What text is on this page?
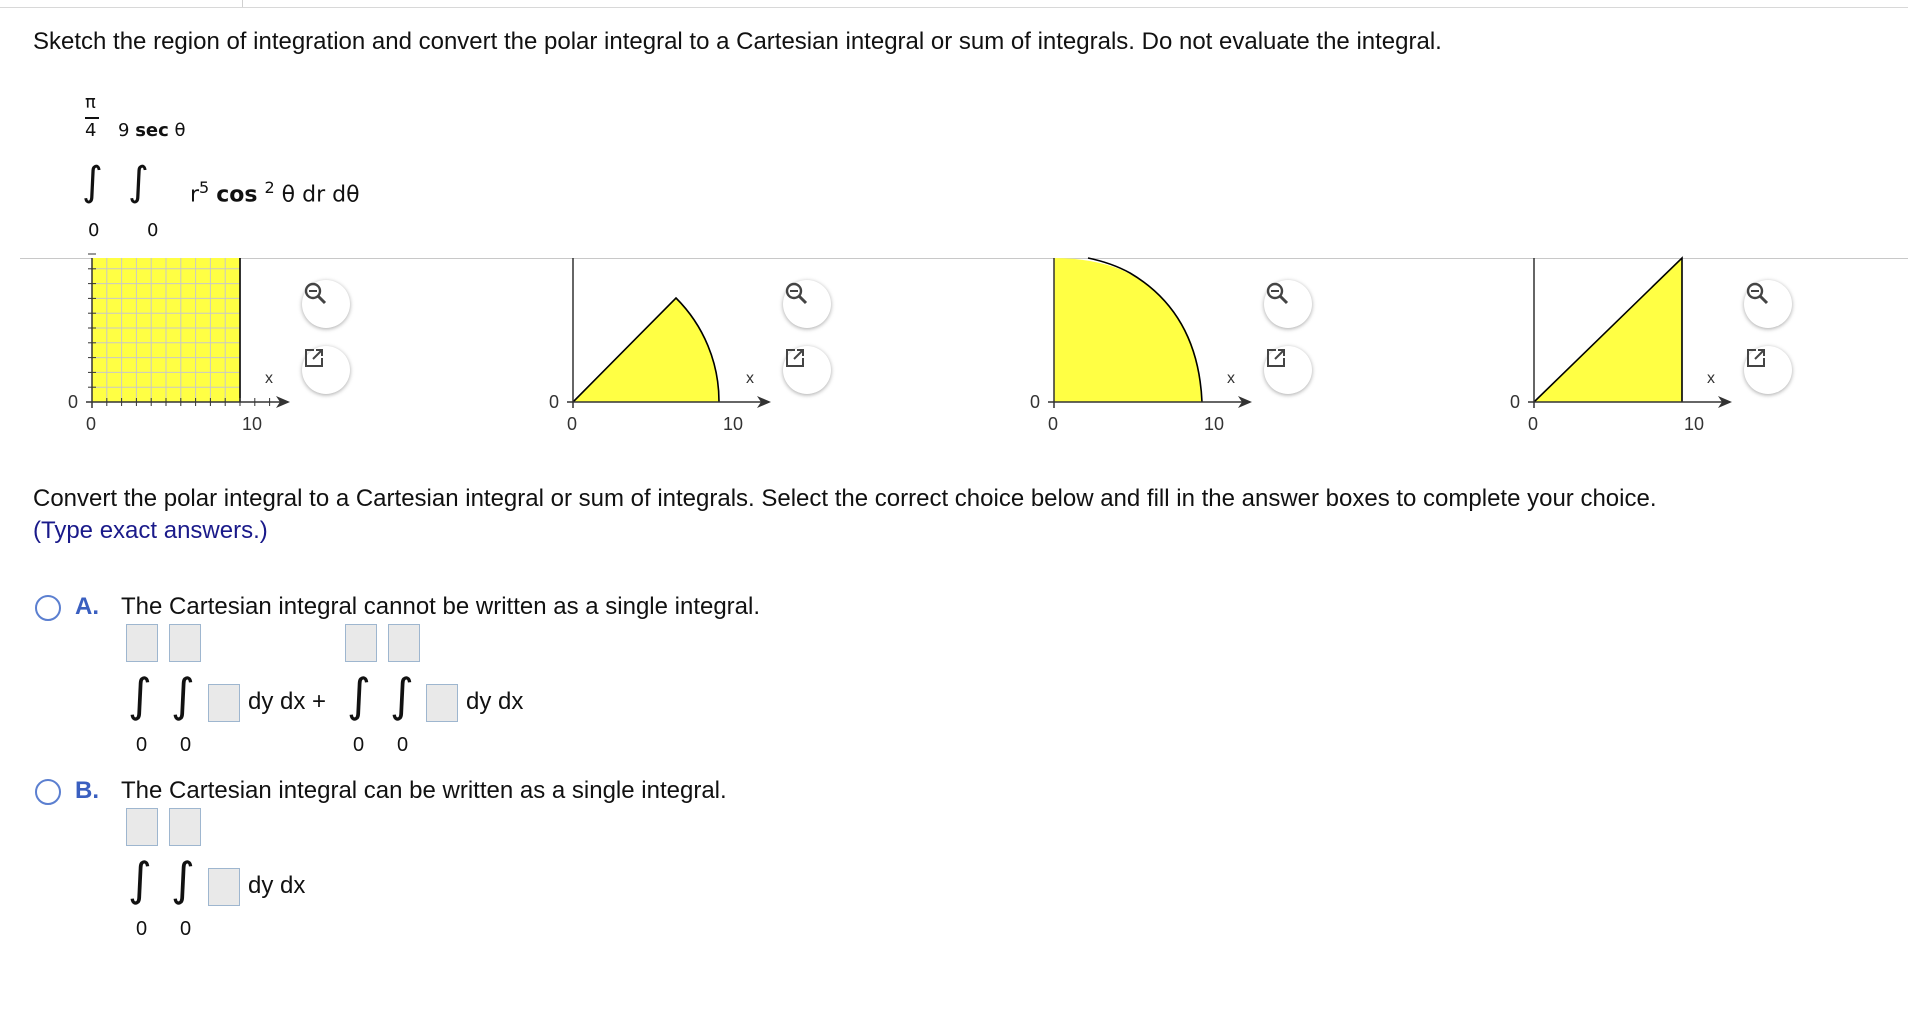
Sketch the region of integration and convert the polar integral to a Cartesian integral or sum of integrals. Do not evaluate the integral.
π
4 9 sec θ
∫ ∫ $r^5$ cos $^2$ θ dr dθ
0	0
x
0
0	10
x
0
0	10
x
0
0	10
x
0
0	10
Convert the polar integral to a Cartesian integral or sum of integrals. Select the correct choice below and fill in the answer boxes to complete your choice.
(Type exact answers.)
A. The Cartesian integral cannot be written as a single integral.
∫ ∫ dy dx +
0 0
∫ ∫ dy dx
0 0
B. The Cartesian integral can be written as a single integral.
∫ ∫ dy dx
0 0
